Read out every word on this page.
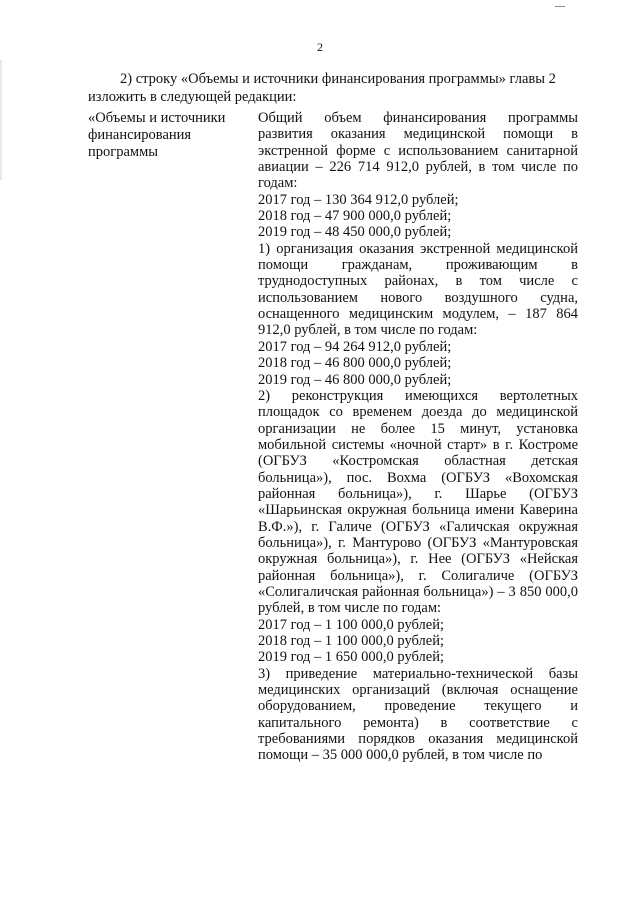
2

2) строку «Объемы и источники финансирования программы» главы 2

изложить в следующей редакции:

«Объемы и источники финансирования программы

Общий объем финансирования программы развития оказания медицинской помощи в экстренной форме с использованием санитарной авиации – 226 714 912,0 рублей, в том числе по годам:

2017 год – 130 364 912,0 рублей;

2018 год – 47 900 000,0 рублей;

2019 год – 48 450 000,0 рублей;

1) организация оказания экстренной медицинской помощи гражданам, проживающим в труднодоступных районах, в том числе с использованием нового воздушного судна, оснащенного медицинским модулем, – 187 864 912,0 рублей, в том числе по годам:

2017 год – 94 264 912,0 рублей;

2018 год – 46 800 000,0 рублей;

2019 год – 46 800 000,0 рублей;

2) реконструкция имеющихся вертолетных площадок со временем доезда до медицинской организации не более 15 минут, установка мобильной системы «ночной старт» в г. Костроме (ОГБУЗ «Костромская областная детская больница»), пос. Вохма (ОГБУЗ «Вохомская районная больница»), г. Шарье (ОГБУЗ «Шарьинская окружная больница имени Каверина В.Ф.»), г. Галиче (ОГБУЗ «Галичская окружная больница»), г. Мантурово (ОГБУЗ «Мантуровская окружная больница»), г. Нее (ОГБУЗ «Нейская районная больница»), г. Солигаличе (ОГБУЗ «Солигаличская районная больница») – 3 850 000,0 рублей, в том числе по годам:

2017 год – 1 100 000,0 рублей;

2018 год – 1 100 000,0 рублей;

2019 год – 1 650 000,0 рублей;

3) приведение материально-технической базы медицинских организаций (включая оснащение оборудованием, проведение текущего и капитального ремонта) в соответствие с требованиями порядков оказания медицинской помощи – 35 000 000,0 рублей, в том числе по
